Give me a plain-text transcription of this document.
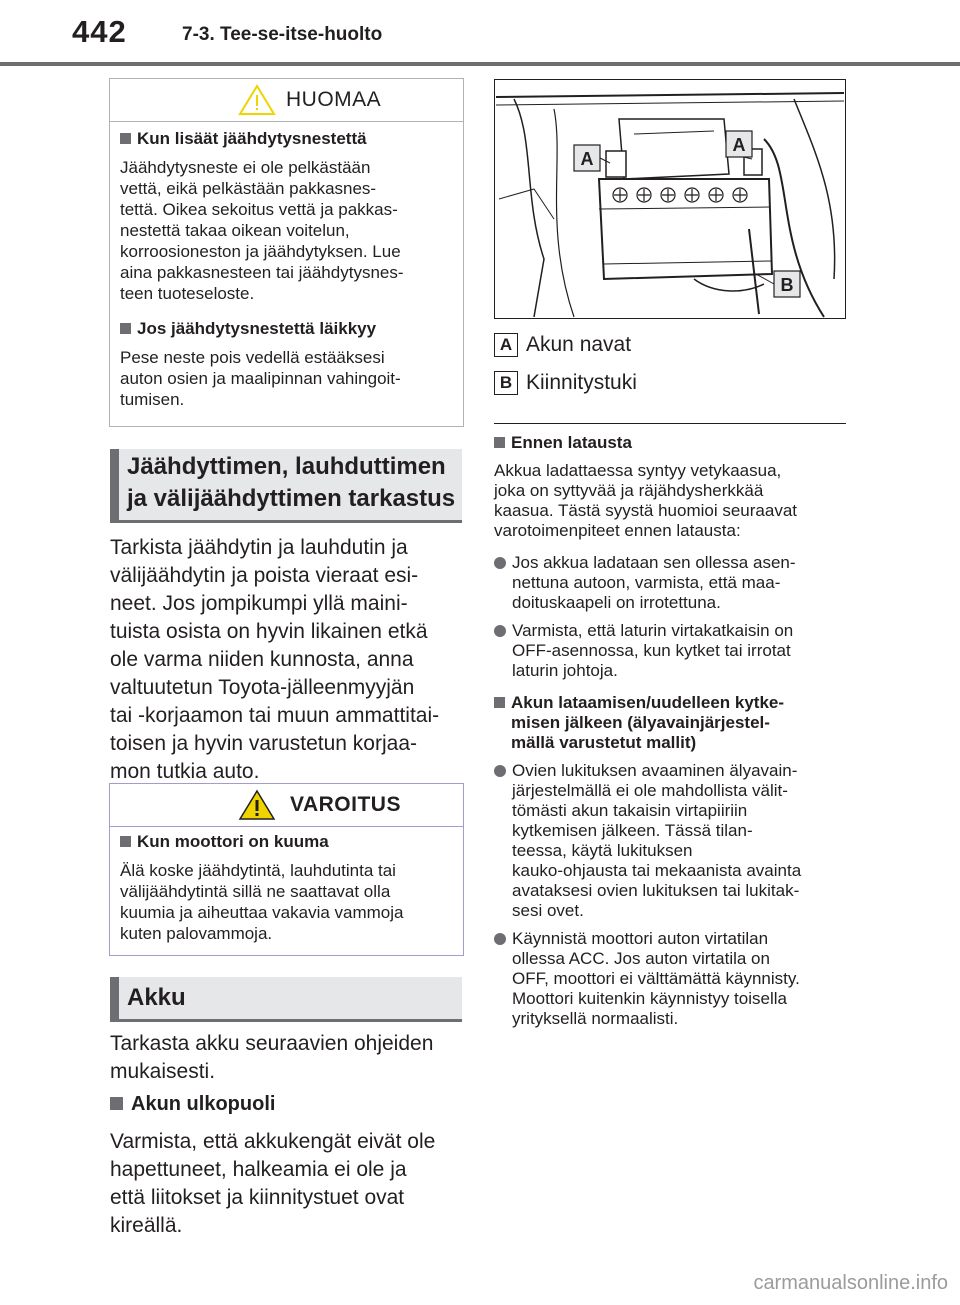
442	7-3. Tee-se-itse-huolto
HUOMAA
Kun lisäät jäähdytysnestettä
Jäähdytysneste ei ole pelkästään
vettä, eikä pelkästään pakkasnes-
tettä. Oikea sekoitus vettä ja pakkas-
nestettä takaa oikean voitelun,
korroosioneston ja jäähdytyksen. Lue
aina pakkasnesteen tai jäähdytysnes-
teen tuoteseloste.
Jos jäähdytysnestettä läikkyy
Pese neste pois vedellä estääksesi
auton osien ja maalipinnan vahingoit-
tumisen.
Jäähdyttimen, lauhduttimen
ja välijäähdyttimen tarkastus
Tarkista jäähdytin ja lauhdutin ja
välijäähdytin ja poista vieraat esi-
neet. Jos jompikumpi yllä maini-
tuista osista on hyvin likainen etkä
ole varma niiden kunnosta, anna
valtuutetun Toyota-jälleenmyyjän
tai -korjaamon tai muun ammattitai-
toisen ja hyvin varustetun korjaa-
mon tutkia auto.
VAROITUS
Kun moottori on kuuma
Älä koske jäähdytintä, lauhdutinta tai
välijäähdytintä sillä ne saattavat olla
kuumia ja aiheuttaa vakavia vammoja
kuten palovammoja.
Akku
Tarkasta akku seuraavien ohjeiden
mukaisesti.
Akun ulkopuoli
Varmista, että akkukengät eivät ole
hapettuneet, halkeamia ei ole ja
että liitokset ja kiinnitystuet ovat
kireällä.
A
A
B
A Akun navat
B Kiinnitystuki
Ennen latausta
Akkua ladattaessa syntyy vetykaasua,
joka on syttyvää ja räjähdysherkkää
kaasua. Tästä syystä huomioi seuraavat
varotoimenpiteet ennen latausta:
Jos akkua ladataan sen ollessa asen-
nettuna autoon, varmista, että maa-
doituskaapeli on irrotettuna.
Varmista, että laturin virtakatkaisin on
OFF-asennossa, kun kytket tai irrotat
laturin johtoja.
Akun lataamisen/uudelleen kytke-
misen jälkeen (älyavainjärjestel-
mällä varustetut mallit)
Ovien lukituksen avaaminen älyavain-
järjestelmällä ei ole mahdollista välit-
tömästi akun takaisin virtapiiriin
kytkemisen jälkeen. Tässä tilan-
teessa, käytä lukituksen
kauko-ohjausta tai mekaanista avainta
avataksesi ovien lukituksen tai lukitak-
sesi ovet.
Käynnistä moottori auton virtatilan
ollessa ACC. Jos auton virtatila on
OFF, moottori ei välttämättä käynnisty.
Moottori kuitenkin käynnistyy toisella
yrityksellä normaalisti.
carmanualsonline.info
